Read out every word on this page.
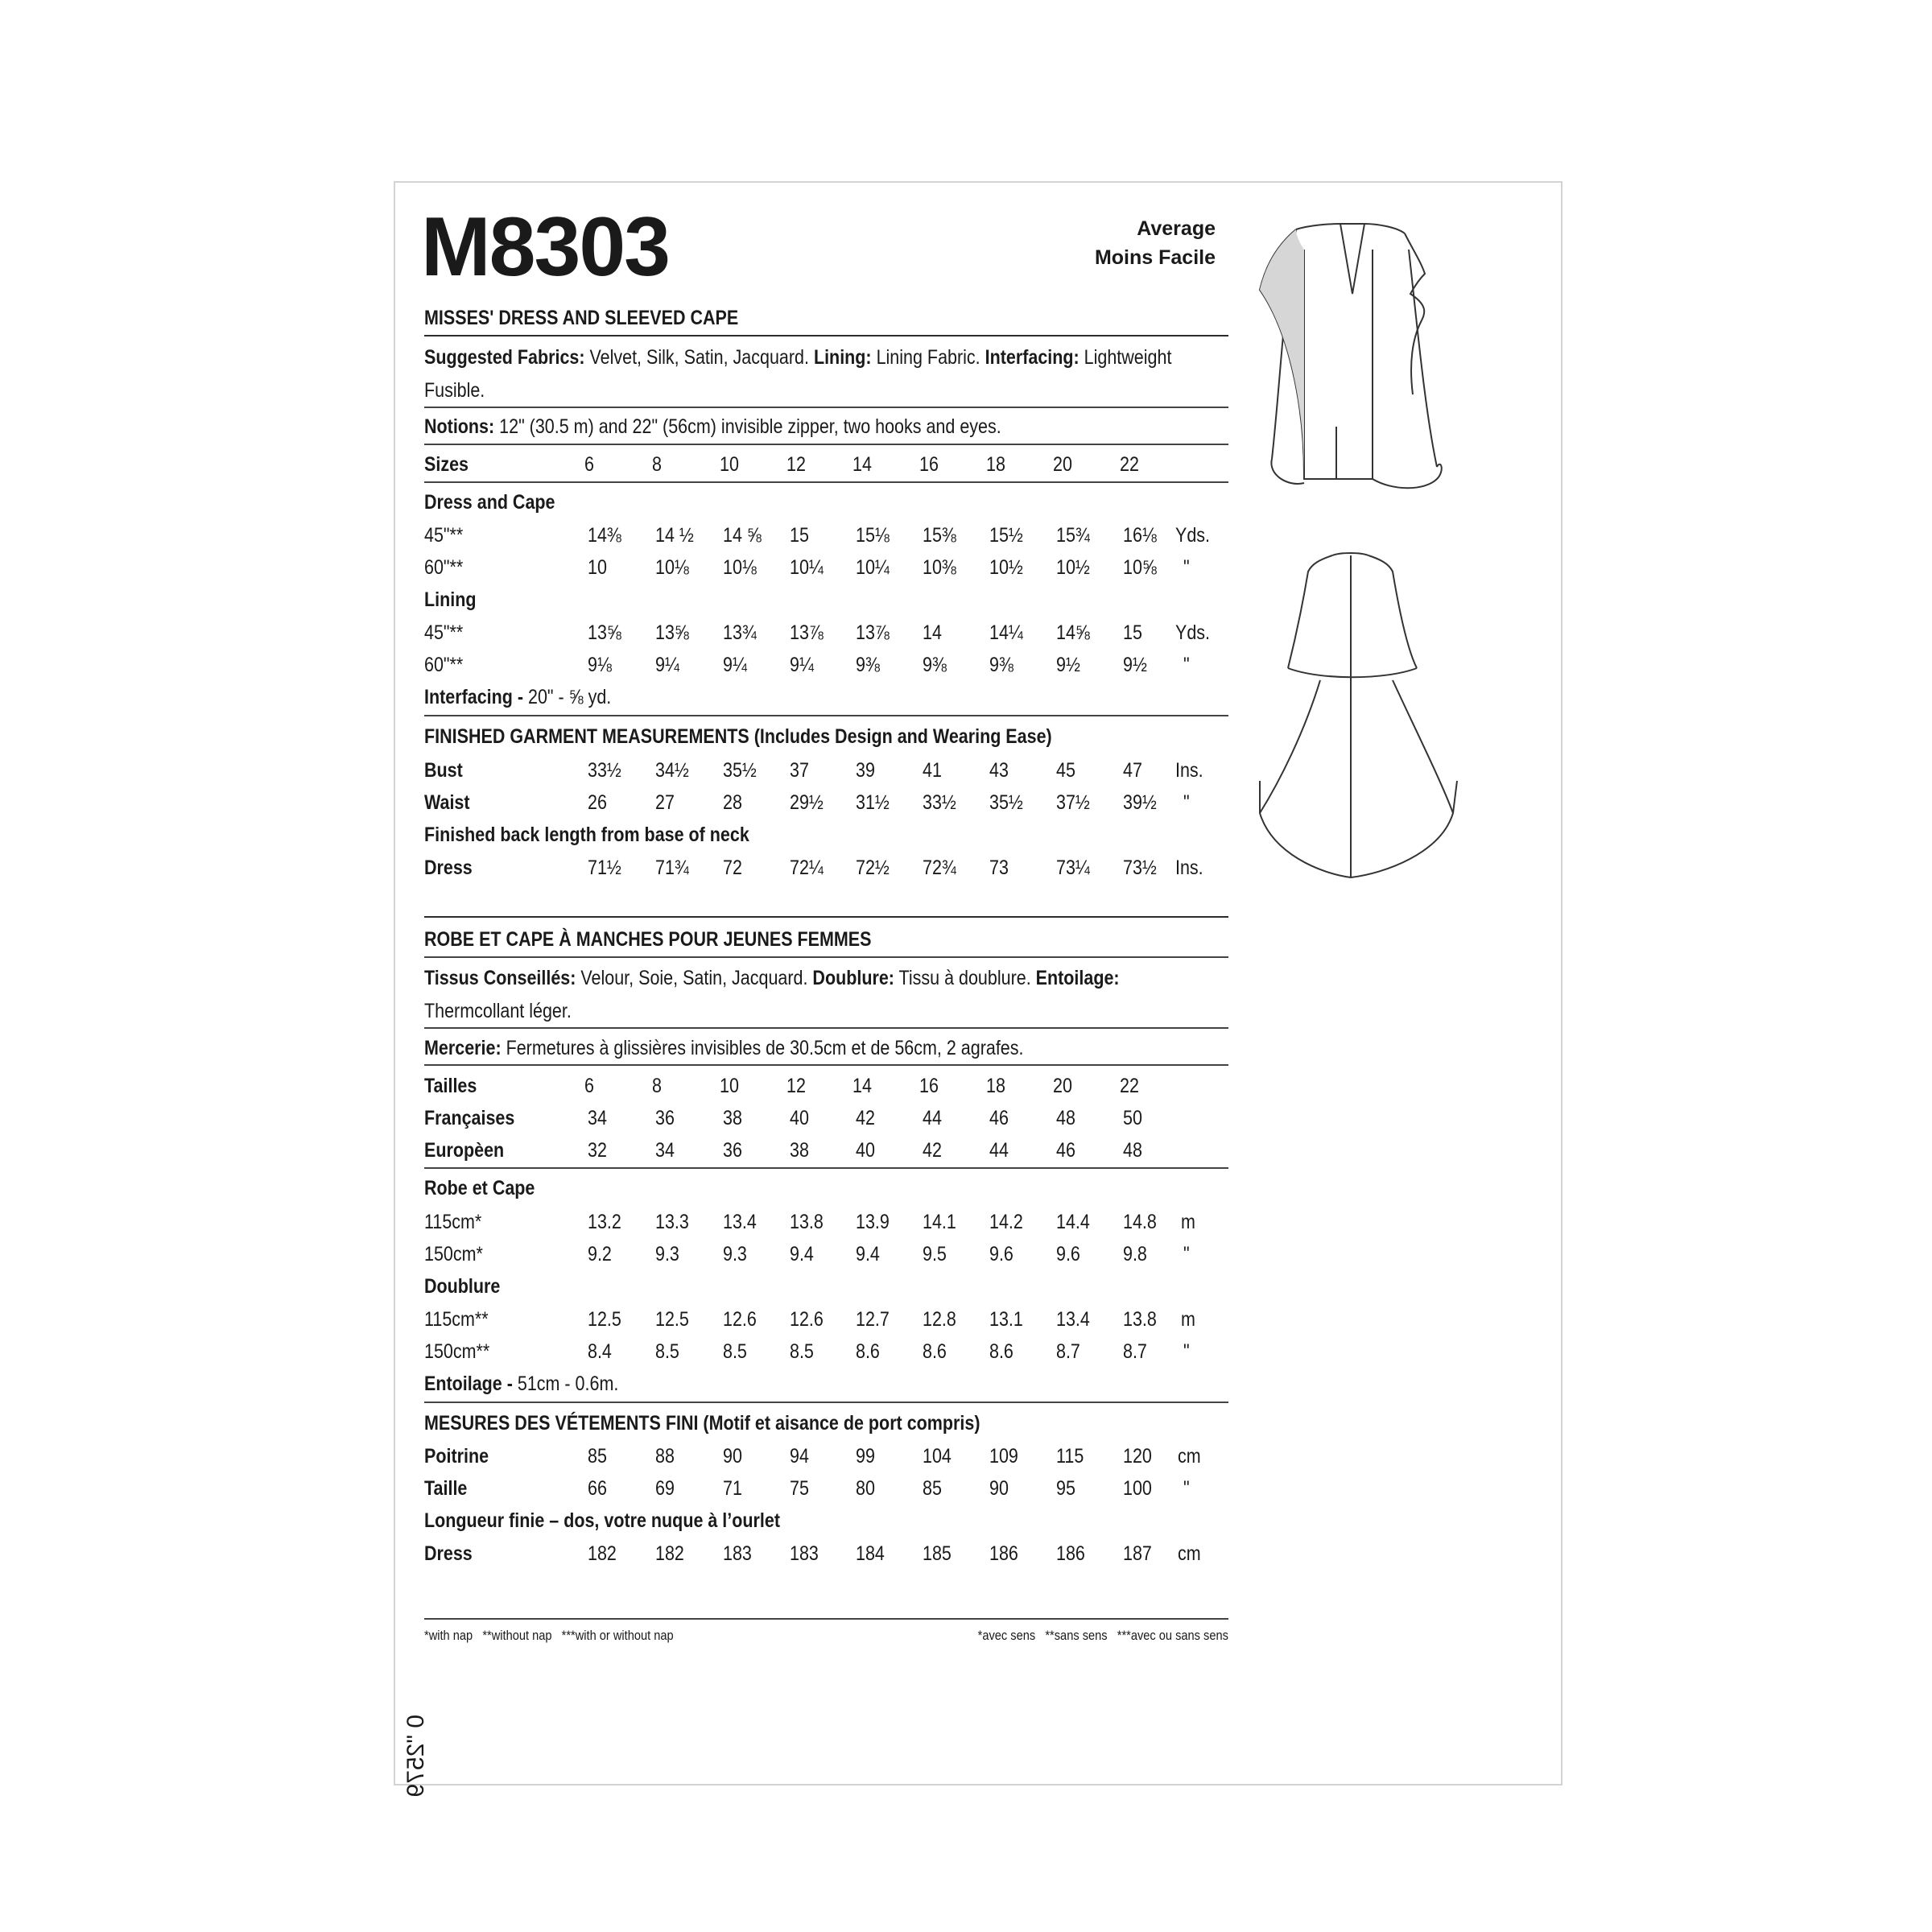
M8303	Average
Moins Facile
MISSES' DRESS AND SLEEVED CAPE
Suggested Fabrics: Velvet, Silk, Satin, Jacquard. Lining: Lining Fabric. Interfacing: Lightweight
Fusible.
Notions: 12" (30.5 m) and 22" (56cm) invisible zipper, two hooks and eyes.
Sizes	6	8	10 12 14 16 18 20 22
Dress and Cape
45"**	14⅜ 14 ½ 14 ⅝ 15 15⅛ 15⅜ 15½ 15¾ 16⅛ Yds.
60"**	10 10⅛ 10⅛ 10¼ 10¼ 10⅜ 10½ 10½ 10⅝ "
Lining
45"**	13⅝ 13⅝ 13¾ 13⅞ 13⅞ 14 14¼ 14⅝ 15 Yds.
60"**	9⅛ 9¼ 9¼ 9¼ 9⅜ 9⅜ 9⅜ 9½ 9½ "
Interfacing - 20" - ⅝ yd.
FINISHED GARMENT MEASUREMENTS (Includes Design and Wearing Ease)
Bust	33½ 34½ 35½ 37 39 41 43 45 47 Ins.
Waist	26 27 28 29½ 31½ 33½ 35½ 37½ 39½ "
Finished back length from base of neck
Dress	71½ 71¾ 72 72¼ 72½ 72¾ 73 73¼ 73½ Ins.
ROBE ET CAPE À MANCHES POUR JEUNES FEMMES
Tissus Conseillés: Velour, Soie, Satin, Jacquard. Doublure: Tissu à doublure. Entoilage:
Thermcollant léger.
Mercerie: Fermetures à glissières invisibles de 30.5cm et de 56cm, 2 agrafes.
Tailles	6	8	10 12 14 16 18 20 22
Françaises	34 36 38 40 42 44 46 48 50
Europèen	32 34 36 38 40 42 44 46 48
Robe et Cape
115cm*	13.2 13.3 13.4 13.8 13.9 14.1 14.2 14.4 14.8 m
150cm*	9.2 9.3 9.3 9.4 9.4 9.5 9.6 9.6 9.8 "
Doublure
115cm**	12.5 12.5 12.6 12.6 12.7 12.8 13.1 13.4 13.8 m
150cm**	8.4 8.5 8.5 8.5 8.6 8.6 8.6 8.7 8.7 "
Entoilage - 51cm - 0.6m.
MESURES DES VÉTEMENTS FINI (Motif et aisance de port compris)
Poitrine	85 88 90 94 99 104 109 115 120 cm
Taille	66 69 71 75 80 85 90 95 100 "
Longueur finie – dos, votre nuque à l’ourlet
Dress	182 182 183 183 184 185 186 186 187 cm
*with nap   **without nap   ***with or without nap	*avec sens   **sans sens   ***avec ou sans sens
0 "2579
